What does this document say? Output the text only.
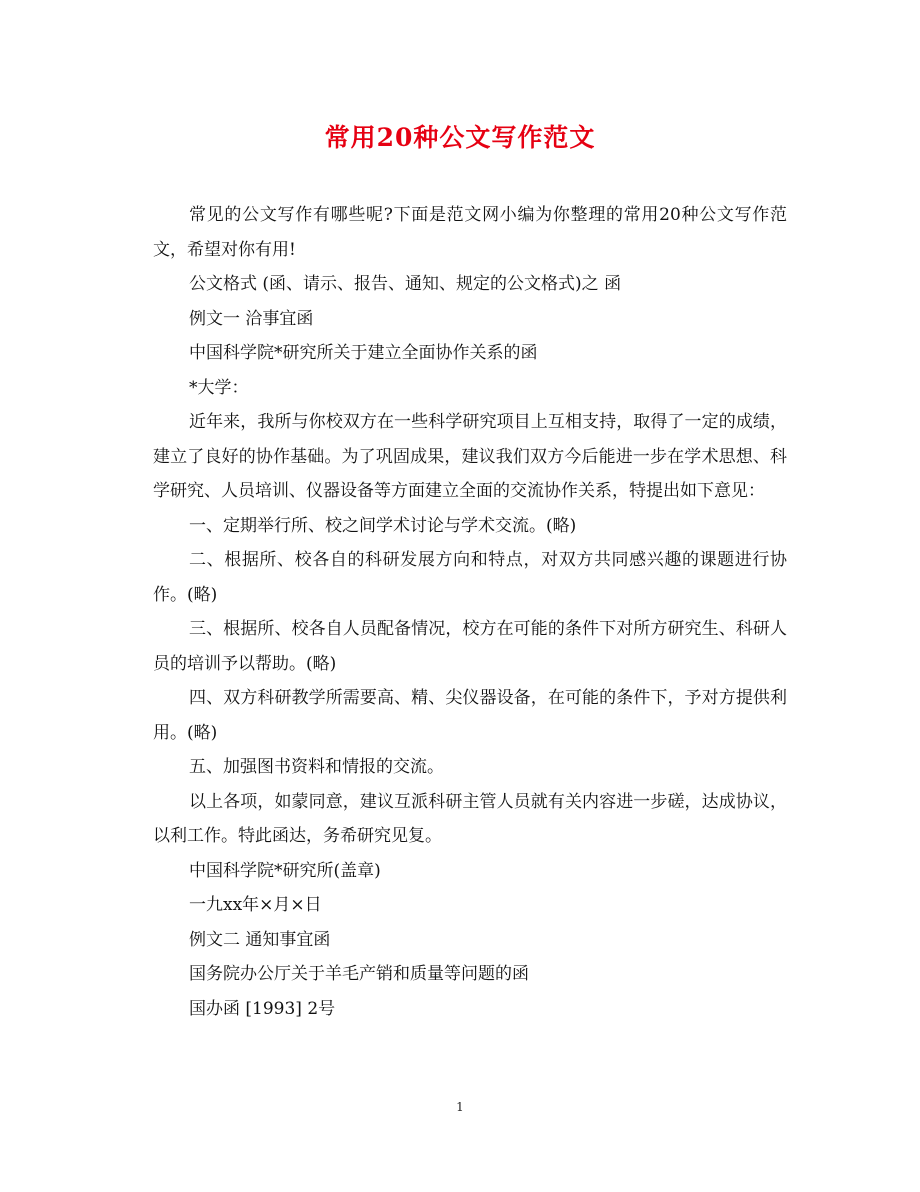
常用20种公文写作范文

常见的公文写作有哪些呢?下面是范文网小编为你整理的常用20种公文写作范文，希望对你有用!

公文格式 (函、请示、报告、通知、规定的公文格式)之 函

例文一 洽事宜函

中国科学院*研究所关于建立全面协作关系的函

*大学：

近年来，我所与你校双方在一些科学研究项目上互相支持，取得了一定的成绩，建立了良好的协作基础。为了巩固成果，建议我们双方今后能进一步在学术思想、科学研究、人员培训、仪器设备等方面建立全面的交流协作关系，特提出如下意见：

一、定期举行所、校之间学术讨论与学术交流。(略)

二、根据所、校各自的科研发展方向和特点，对双方共同感兴趣的课题进行协作。(略)

三、根据所、校各自人员配备情况，校方在可能的条件下对所方研究生、科研人员的培训予以帮助。(略)

四、双方科研教学所需要高、精、尖仪器设备，在可能的条件下，予对方提供利用。(略)

五、加强图书资料和情报的交流。

以上各项，如蒙同意，建议互派科研主管人员就有关内容进一步磋，达成协议，以利工作。特此函达，务希研究见复。

中国科学院*研究所(盖章)

一九xx年×月×日

例文二 通知事宜函

国务院办公厅关于羊毛产销和质量等问题的函

国办函 [1993] 2号

1
